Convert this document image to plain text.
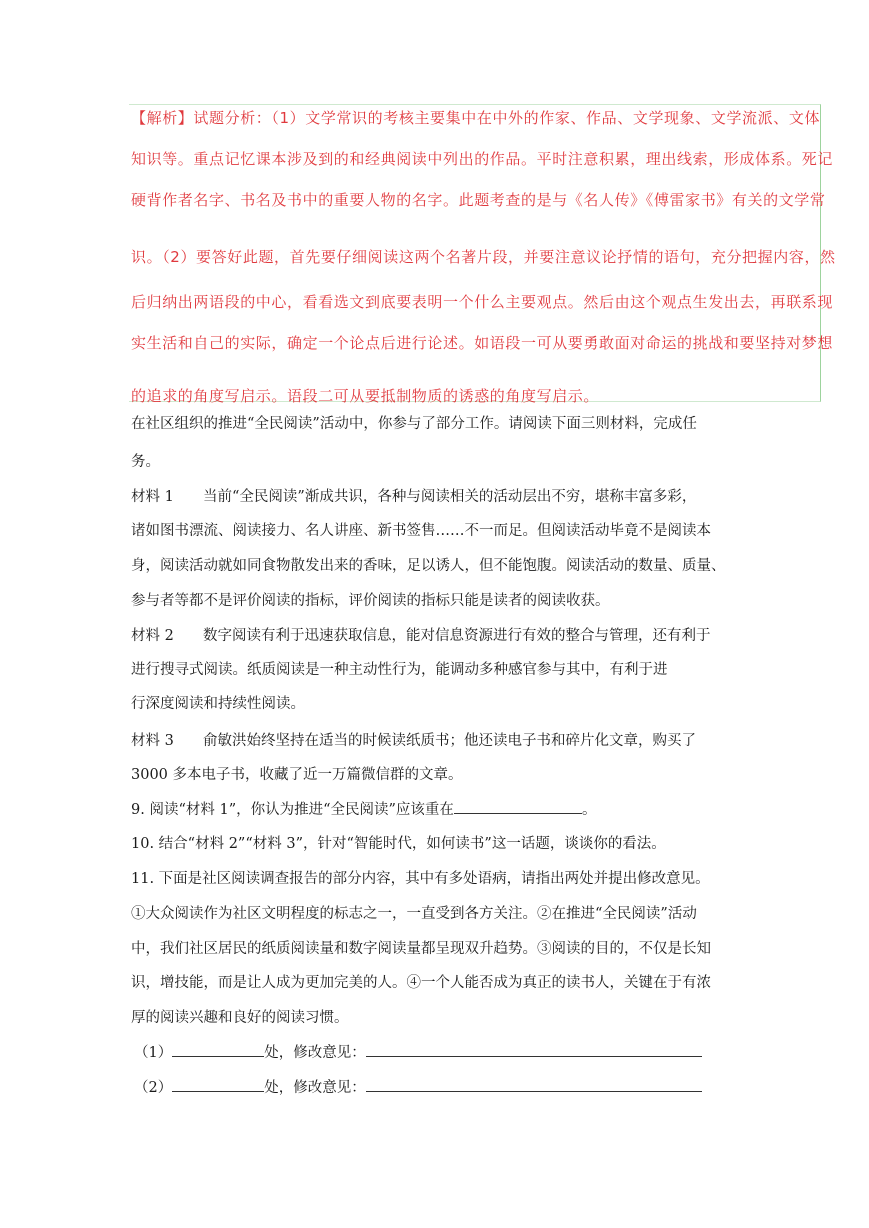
【解析】试题分析：（1）文学常识的考核主要集中在中外的作家、作品、文学现象、文学流派、文体
知识等。重点记忆课本涉及到的和经典阅读中列出的作品。平时注意积累，理出线索，形成体系。死记
硬背作者名字、书名及书中的重要人物的名字。此题考查的是与《名人传》《傅雷家书》有关的文学常
识。（2）要答好此题，首先要仔细阅读这两个名著片段，并要注意议论抒情的语句，充分把握内容，然
后归纳出两语段的中心，看看选文到底要表明一个什么主要观点。然后由这个观点生发出去，再联系现
实生活和自己的实际，确定一个论点后进行论述。如语段一可从要勇敢面对命运的挑战和要坚持对梦想
的追求的角度写启示。语段二可从要抵制物质的诱惑的角度写启示。
在社区组织的推进“全民阅读”活动中，你参与了部分工作。请阅读下面三则材料，完成任
务。
材料 1 当前“全民阅读”渐成共识，各种与阅读相关的活动层出不穷，堪称丰富多彩，
诸如图书漂流、阅读接力、名人讲座、新书签售……不一而足。但阅读活动毕竟不是阅读本
身，阅读活动就如同食物散发出来的香味，足以诱人，但不能饱腹。阅读活动的数量、质量、
参与者等都不是评价阅读的指标，评价阅读的指标只能是读者的阅读收获。
材料 2 数字阅读有利于迅速获取信息，能对信息资源进行有效的整合与管理，还有利于
进行搜寻式阅读。纸质阅读是一种主动性行为，能调动多种感官参与其中，有利于进
行深度阅读和持续性阅读。
材料 3 俞敏洪始终坚持在适当的时候读纸质书；他还读电子书和碎片化文章，购买了
3000 多本电子书，收藏了近一万篇微信群的文章。
9. 阅读“材料 1”，你认为推进“全民阅读”应该重在	。
10. 结合“材料 2”“材料 3”，针对“智能时代，如何读书”这一话题，谈谈你的看法。
11. 下面是社区阅读调查报告的部分内容，其中有多处语病，请指出两处并提出修改意见。
①大众阅读作为社区文明程度的标志之一，一直受到各方关注。②在推进“全民阅读”活动
中，我们社区居民的纸质阅读量和数字阅读量都呈现双升趋势。③阅读的目的，不仅是长知
识，增技能，而是让人成为更加完美的人。④一个人能否成为真正的读书人，关键在于有浓
厚的阅读兴趣和良好的阅读习惯。
（1）	处，修改意见：
（2）	处，修改意见：
